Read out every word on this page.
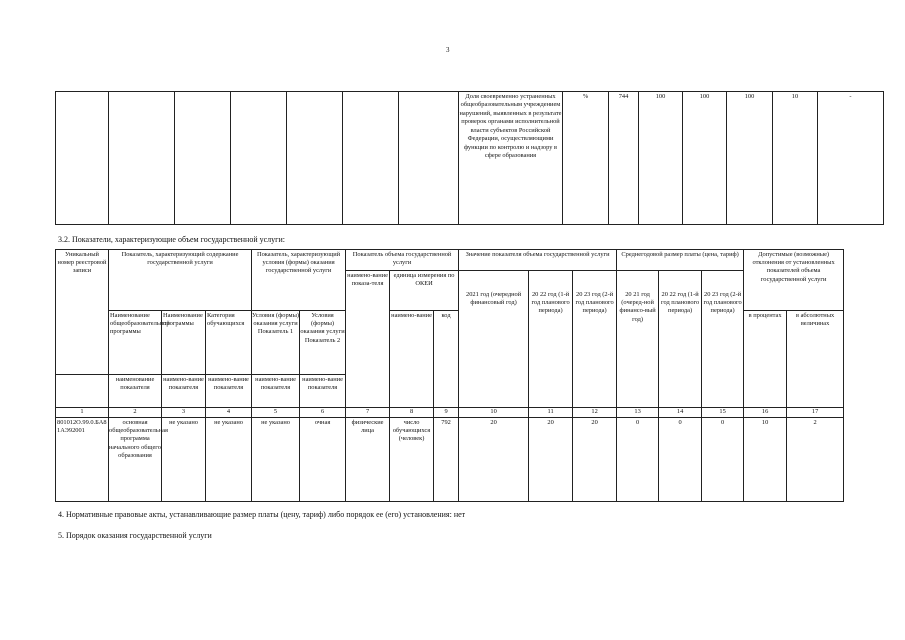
3
							Доля своевременно устраненных общеобразовательным учреждением нарушений, выявленных в результате проверок органами исполнительной власти субъектов Российской Федерации, осуществляющими функции по контролю и надзору в сфере образования	%	744	100	100	100	10	-
3.2. Показатели, характеризующие объем государственной услуги:
Уникальный номер реестровой записи	Показатель, характеризующий содержание государственной услуги			Показатель, характеризующий условия (формы) оказания государственной услуги		Показатель объема государственной услуги			Значение показателя объема государственной услуги			Среднегодовой размер платы (цена, тариф)			Допустимые (возможные) отклонения от установленных показателей объема государственной услуги	
						наимено-вание показа-теля	единица измерения по ОКЕИ		2021 год (очередной финансовый год)	20 22 год (1-й год планового периода)	20 23 год (2-й год планового периода)	20 21 год (очеред-ной финансо-вый год)	20 22 год (1-й год планового периода)	20 23 год (2-й год планового периода)		
	Наименование общеобразовательной программы	Наименование программы	Категория обучающихся	Условия (формы) оказания услуги Показатель 1	Условия (формы) оказания услуги Показатель 2		наимено-вание	код							в процентах	в абсолютных величинах
	наименование показателя	наимено-вание показателя	наимено-вание показателя	наимено-вание показателя	наимено-вание показателя											
1	2	3	4	5	6	7	8	9	10	11	12	13	14	15	16	17
801012О.99.0.БА81АЭ92001	основная общеобразовательная программа начального общего образования	не указано	не указано	не указано	очная	физические лица	число обучающихся (человек)	792	20	20	20	0	0	0	10	2
4. Нормативные правовые акты, устанавливающие размер платы (цену, тариф) либо порядок ее (его) установления: нет
5. Порядок оказания государственной услуги
